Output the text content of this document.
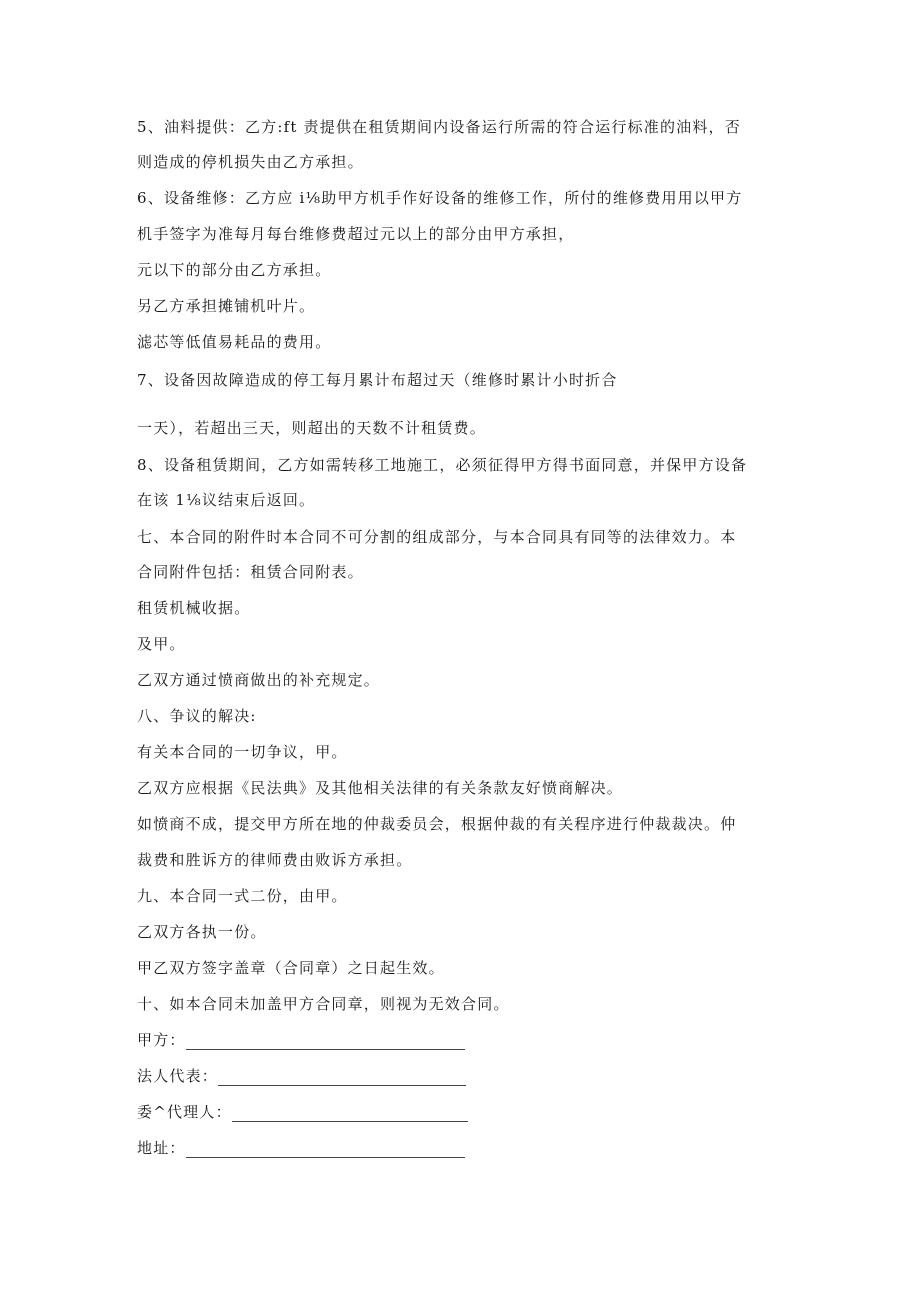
5、油料提供：乙方:ft 责提供在租赁期间内设备运行所需的符合运行标准的油料，否
则造成的停机损失由乙方承担。
6、设备维修：乙方应 i⅛助甲方机手作好设备的维修工作，所付的维修费用用以甲方
机手签字为准每月每台维修费超过元以上的部分由甲方承担，
元以下的部分由乙方承担。
另乙方承担摊铺机叶片。
滤芯等低值易耗品的费用。
7、设备因故障造成的停工每月累计布超过天（维修时累计小时折合
一天），若超出三天，则超出的天数不计租赁费。
8、设备租赁期间，乙方如需转移工地施工，必须征得甲方得书面同意，并保甲方设备
在该 1⅛议结束后返回。
七、本合同的附件时本合同不可分割的组成部分，与本合同具有同等的法律效力。本
合同附件包括：租赁合同附表。
租赁机械收据。
及甲。
乙双方通过愤商做出的补充规定。
八、争议的解决:
有关本合同的一切争议，甲。
乙双方应根据《民法典》及其他相关法律的有关条款友好愤商解决。
如愤商不成，提交甲方所在地的仲裁委员会，根据仲裁的有关程序进行仲裁裁决。仲
裁费和胜诉方的律师费由败诉方承担。
九、本合同一式二份，由甲。
乙双方各执一份。
甲乙双方签字盖章（合同章）之日起生效。
十、如本合同未加盖甲方合同章，则视为无效合同。
甲方：
法人代表：
委^代理人：
地址：
